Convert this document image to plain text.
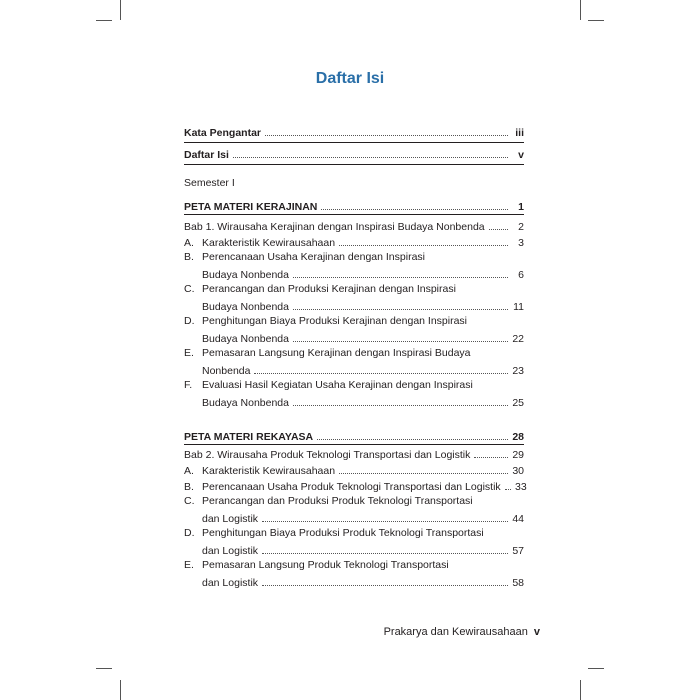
Daftar Isi
Kata Pengantar	iii
Daftar Isi	v
Semester I
PETA MATERI KERAJINAN	1
Bab 1. Wirausaha Kerajinan dengan Inspirasi Budaya Nonbenda	2
A. Karakteristik Kewirausahaan	3
B. Perencanaan Usaha Kerajinan dengan Inspirasi
Budaya Nonbenda	6
C. Perancangan dan Produksi Kerajinan dengan Inspirasi
Budaya Nonbenda	11
D. Penghitungan Biaya Produksi Kerajinan dengan Inspirasi
Budaya Nonbenda	22
E. Pemasaran Langsung Kerajinan dengan Inspirasi Budaya
Nonbenda	23
F. Evaluasi Hasil Kegiatan Usaha Kerajinan dengan Inspirasi
Budaya Nonbenda	25
PETA MATERI REKAYASA	28
Bab 2. Wirausaha Produk Teknologi Transportasi dan Logistik	29
A. Karakteristik Kewirausahaan	30
B. Perencanaan Usaha Produk Teknologi Transportasi dan Logistik 33
C. Perancangan dan Produksi Produk Teknologi Transportasi
dan Logistik	44
D. Penghitungan Biaya Produksi Produk Teknologi Transportasi
dan Logistik	57
E. Pemasaran Langsung Produk Teknologi Transportasi
dan Logistik	58
Prakarya dan Kewirausahaan v
